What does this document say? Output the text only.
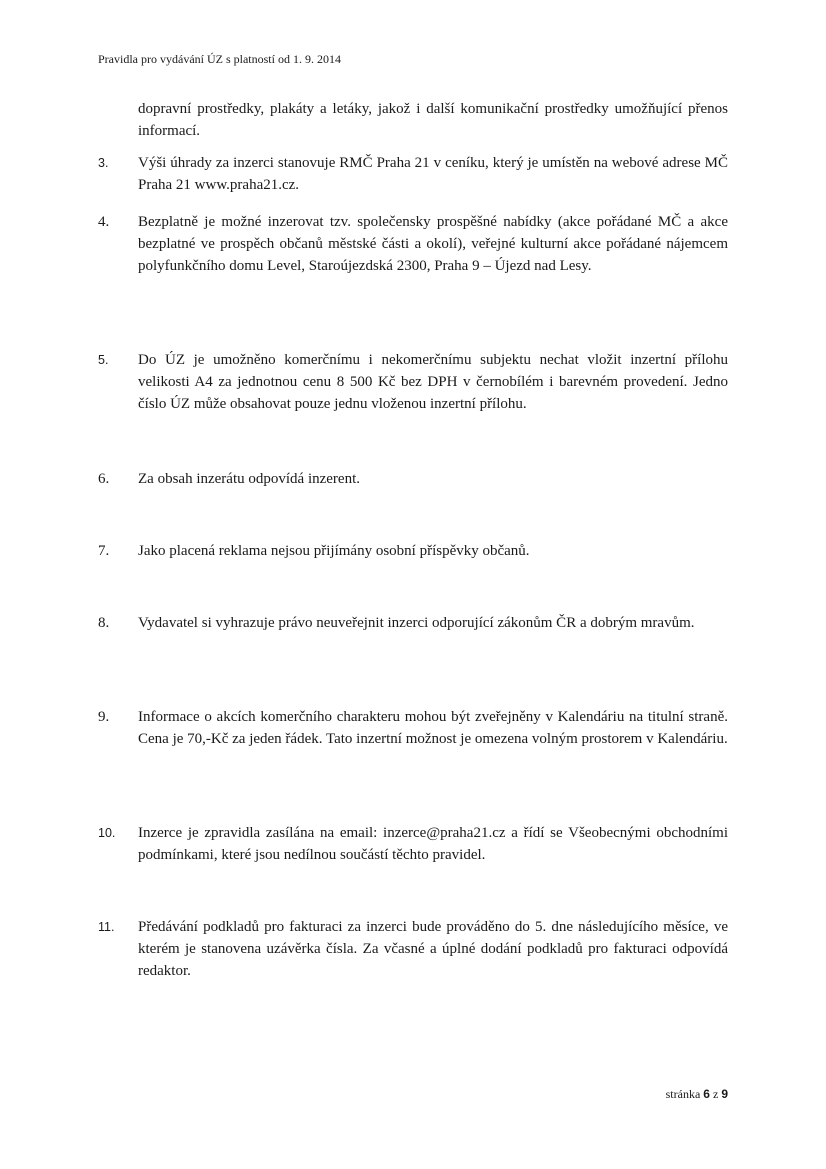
Pravidla pro vydávání ÚZ s platností od 1. 9. 2014
dopravní prostředky, plakáty a letáky, jakož i další komunikační prostředky umožňující přenos informací.
3.	Výši úhrady za inzerci stanovuje RMČ Praha 21 v ceníku, který je umístěn na webové adrese MČ Praha 21 www.praha21.cz.
4.	Bezplatně je možné inzerovat tzv. společensky prospěšné nabídky (akce pořádané MČ a akce bezplatné ve prospěch občanů městské části a okolí), veřejné kulturní akce pořádané nájemcem polyfunkčního domu Level, Staroújezdská 2300, Praha 9 – Újezd nad Lesy.
5.	Do ÚZ je umožněno komerčnímu i nekomerčnímu subjektu nechat vložit inzertní přílohu velikosti A4 za jednotnou cenu 8 500 Kč bez DPH v černobílém i barevném provedení. Jedno číslo ÚZ může obsahovat pouze jednu vloženou inzertní přílohu.
6.	Za obsah inzerátu odpovídá inzerent.
7.	Jako placená reklama nejsou přijímány osobní příspěvky občanů.
8.	Vydavatel si vyhrazuje právo neuveřejnit inzerci odporující zákonům ČR a dobrým mravům.
9.	Informace o akcích komerčního charakteru mohou být zveřejněny v Kalendáriu na titulní straně. Cena je 70,-Kč za jeden řádek. Tato inzertní možnost je omezena volným prostorem v Kalendáriu.
10.	Inzerce je zpravidla zasílána na email: inzerce@praha21.cz a řídí se Všeobecnými obchodními podmínkami, které jsou nedílnou součástí těchto pravidel.
11.	Předávání podkladů pro fakturaci za inzerci bude prováděno do 5. dne následujícího měsíce, ve kterém je stanovena uzávěrka čísla. Za včasné a úplné dodání podkladů pro fakturaci odpovídá redaktor.
stránka 6 z 9
